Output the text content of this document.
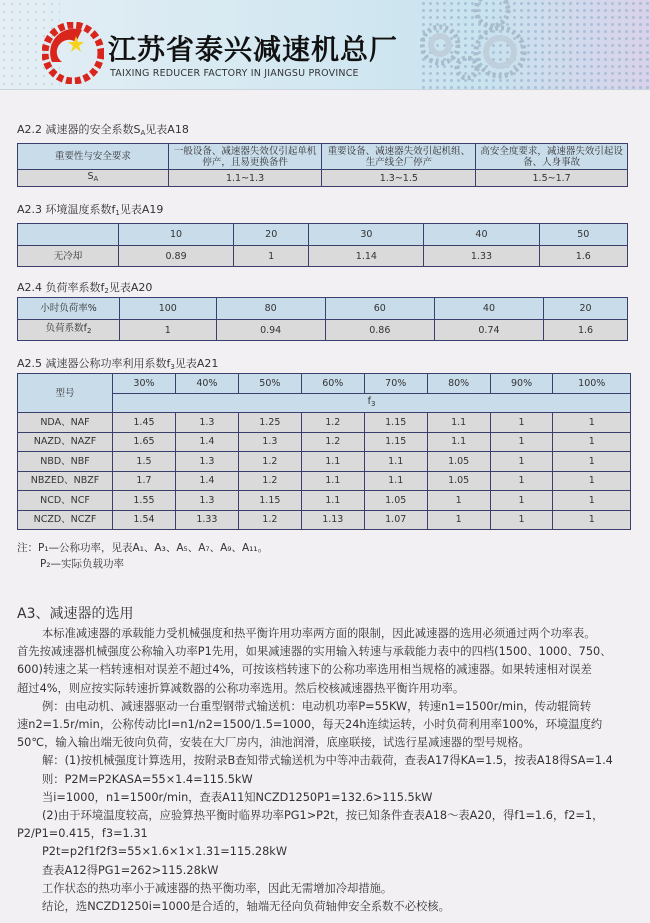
江苏省泰兴减速机总厂
TAIXING REDUCER FACTORY IN JIANGSU PROVINCE
A2.2 减速器的安全系数$S_A$见表A18
重要性与安全要求	一般设备、减速器失效仅引起单机停产，且易更换备件	重要设备、减速器失效引起机组、生产线全厂停产	高安全度要求，减速器失效引起设备、人身事故
$S_A$	1.1~1.3	1.3~1.5	1.5~1.7
A2.3 环境温度系数$f_1$见表A19
	10	20	30	40	50
无冷却	0.89	1	1.14	1.33	1.6
A2.4 负荷率系数$f_2$见表A20
小时负荷率%	100	80	60	40	20
负荷系数$f_2$	1	0.94	0.86	0.74	1.6
A2.5 减速器公称功率利用系数$f_3$见表A21
型号	30%	40%	50%	60%	70%	80%	90%	100%
	$f_3$
NDA、NAF	1.45	1.3	1.25	1.2	1.15	1.1	1	1
NAZD、NAZF	1.65	1.4	1.3	1.2	1.15	1.1	1	1
NBD、NBF	1.5	1.3	1.2	1.1	1.1	1.05	1	1
NBZED、NBZF	1.7	1.4	1.2	1.1	1.1	1.05	1	1
NCD、NCF	1.55	1.3	1.15	1.1	1.05	1	1	1
NCZD、NCZF	1.54	1.33	1.2	1.13	1.07	1	1	1
注：P₁—公称功率，见表A₁、A₃、A₅、A₇、A₉、A₁₁。
P₂—实际负载功率
A3、减速器的选用
本标准减速器的承载能力受机械强度和热平衡许用功率两方面的限制，因此减速器的选用必须通过两个功率表。
首先按减速器机械强度公称输入功率P1先用，如果减速器的实用输入转速与承载能力表中的四档(1500、1000、750、
600)转速之某一档转速相对误差不超过4%，可按该档转速下的公称功率选用相当规格的减速器。如果转速相对误差
超过4%，则应按实际转速折算减数器的公称功率选用。然后校核减速器热平衡许用功率。
例：由电动机、减速器驱动一台重型钢带式输送机：电动机功率P=55KW，转速n1=1500r/min，传动辊筒转
速n2=1.5r/min，公称传动比I=n1/n2=1500/1.5=1000，每天24h连续运转，小时负荷利用率100%，环境温度约
50℃，输入输出端无彼向负荷，安装在大厂房内，油池润滑，底座联接，试选行星减速器的型号规格。
解：(1)按机械强度计算选用，按附录B查知带式输送机为中等冲击载荷，查表A17得KA=1.5，按表A18得SA=1.4
则：P2M=P2KASA=55×1.4=115.5kW
当i=1000，n1=1500r/min，查表A11知NCZD1250P1=132.6>115.5kW
(2)由于环境温度较高，应验算热平衡时临界功率PG1>P2t，按已知条件查表A18～表A20，得f1=1.6，f2=1，
P2/P1=0.415，f3=1.31
P2t=p2f1f2f3=55×1.6×1×1.31=115.28kW
查表A12得PG1=262>115.28kW
工作状态的热功率小于减速器的热平衡功率，因此无需增加冷却措施。
结论，选NCZD1250i=1000是合适的，轴端无径向负荷轴伸安全系数不必校核。
